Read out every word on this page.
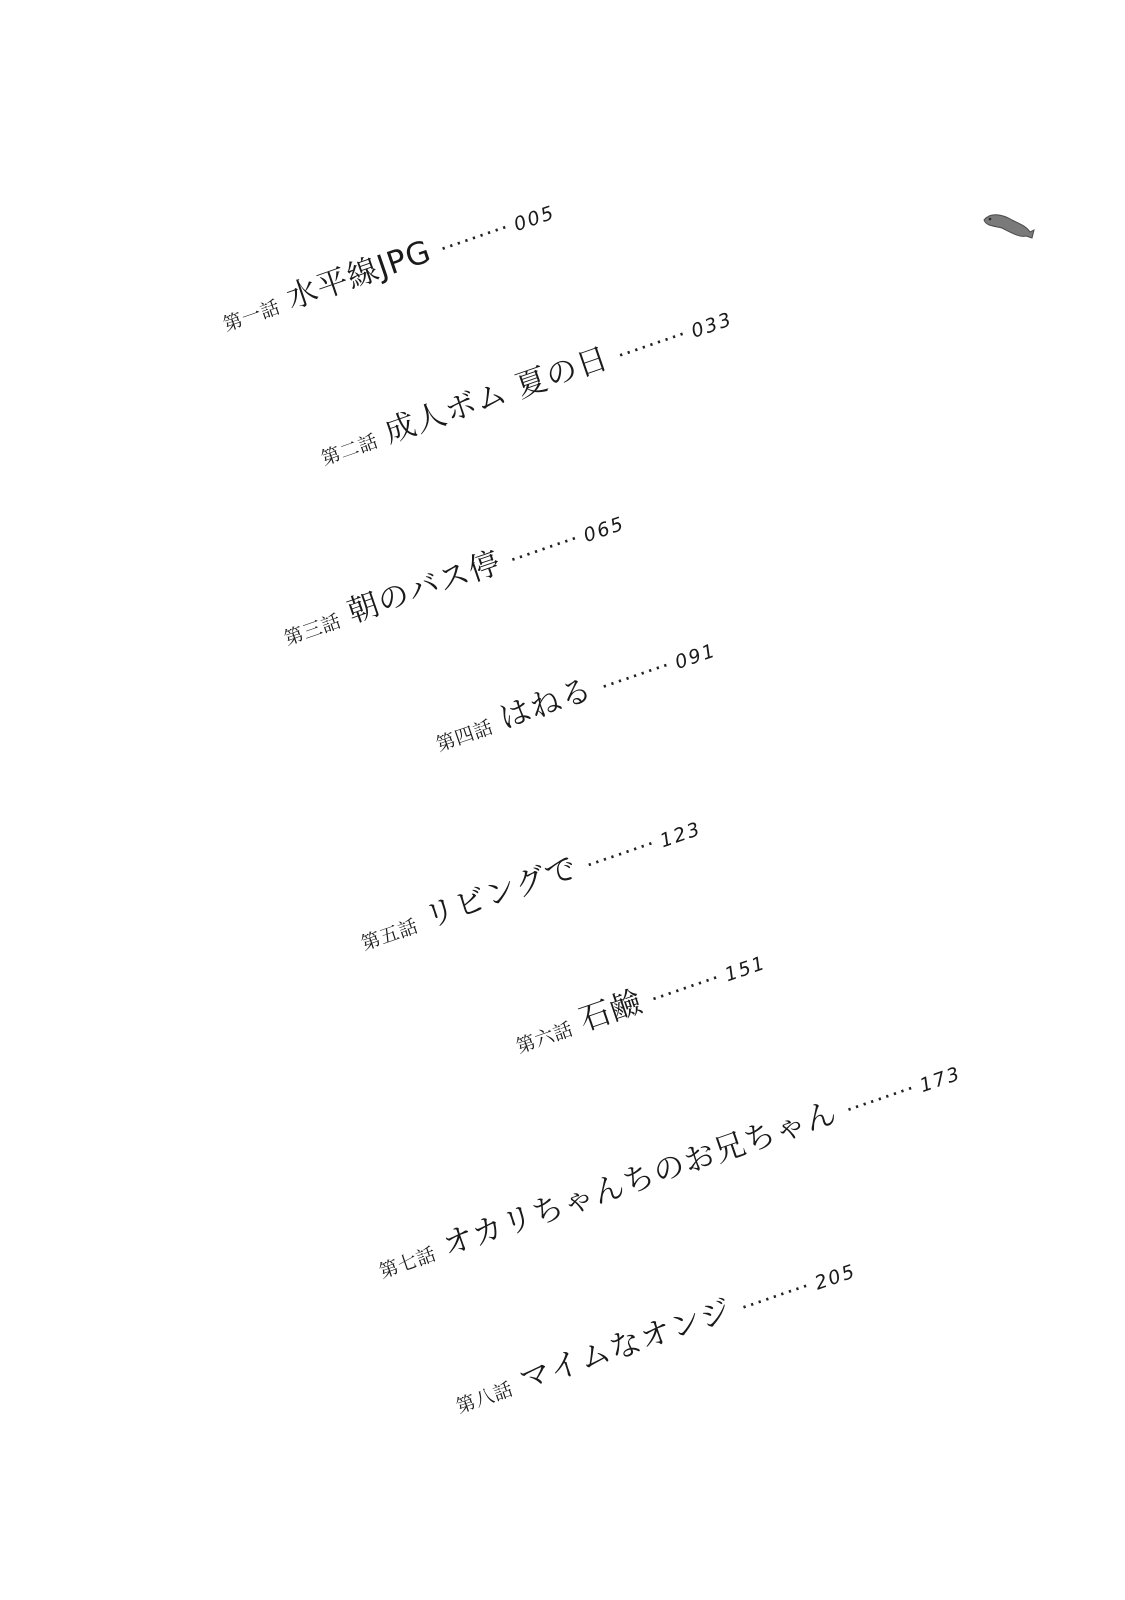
第一話
水平線JPG ·········
005
第二話
成人ボム 夏の日 ·········
033
第三話
朝のバス停 ·········
065
第四話
はねる ·········
091
第五話
リビングで ·········
123
第六話
石鹼 ·········
151
第七話
オカリちゃんちのお兄ちゃん ·········
173
第八話
マイムなオンジ ·········
205
